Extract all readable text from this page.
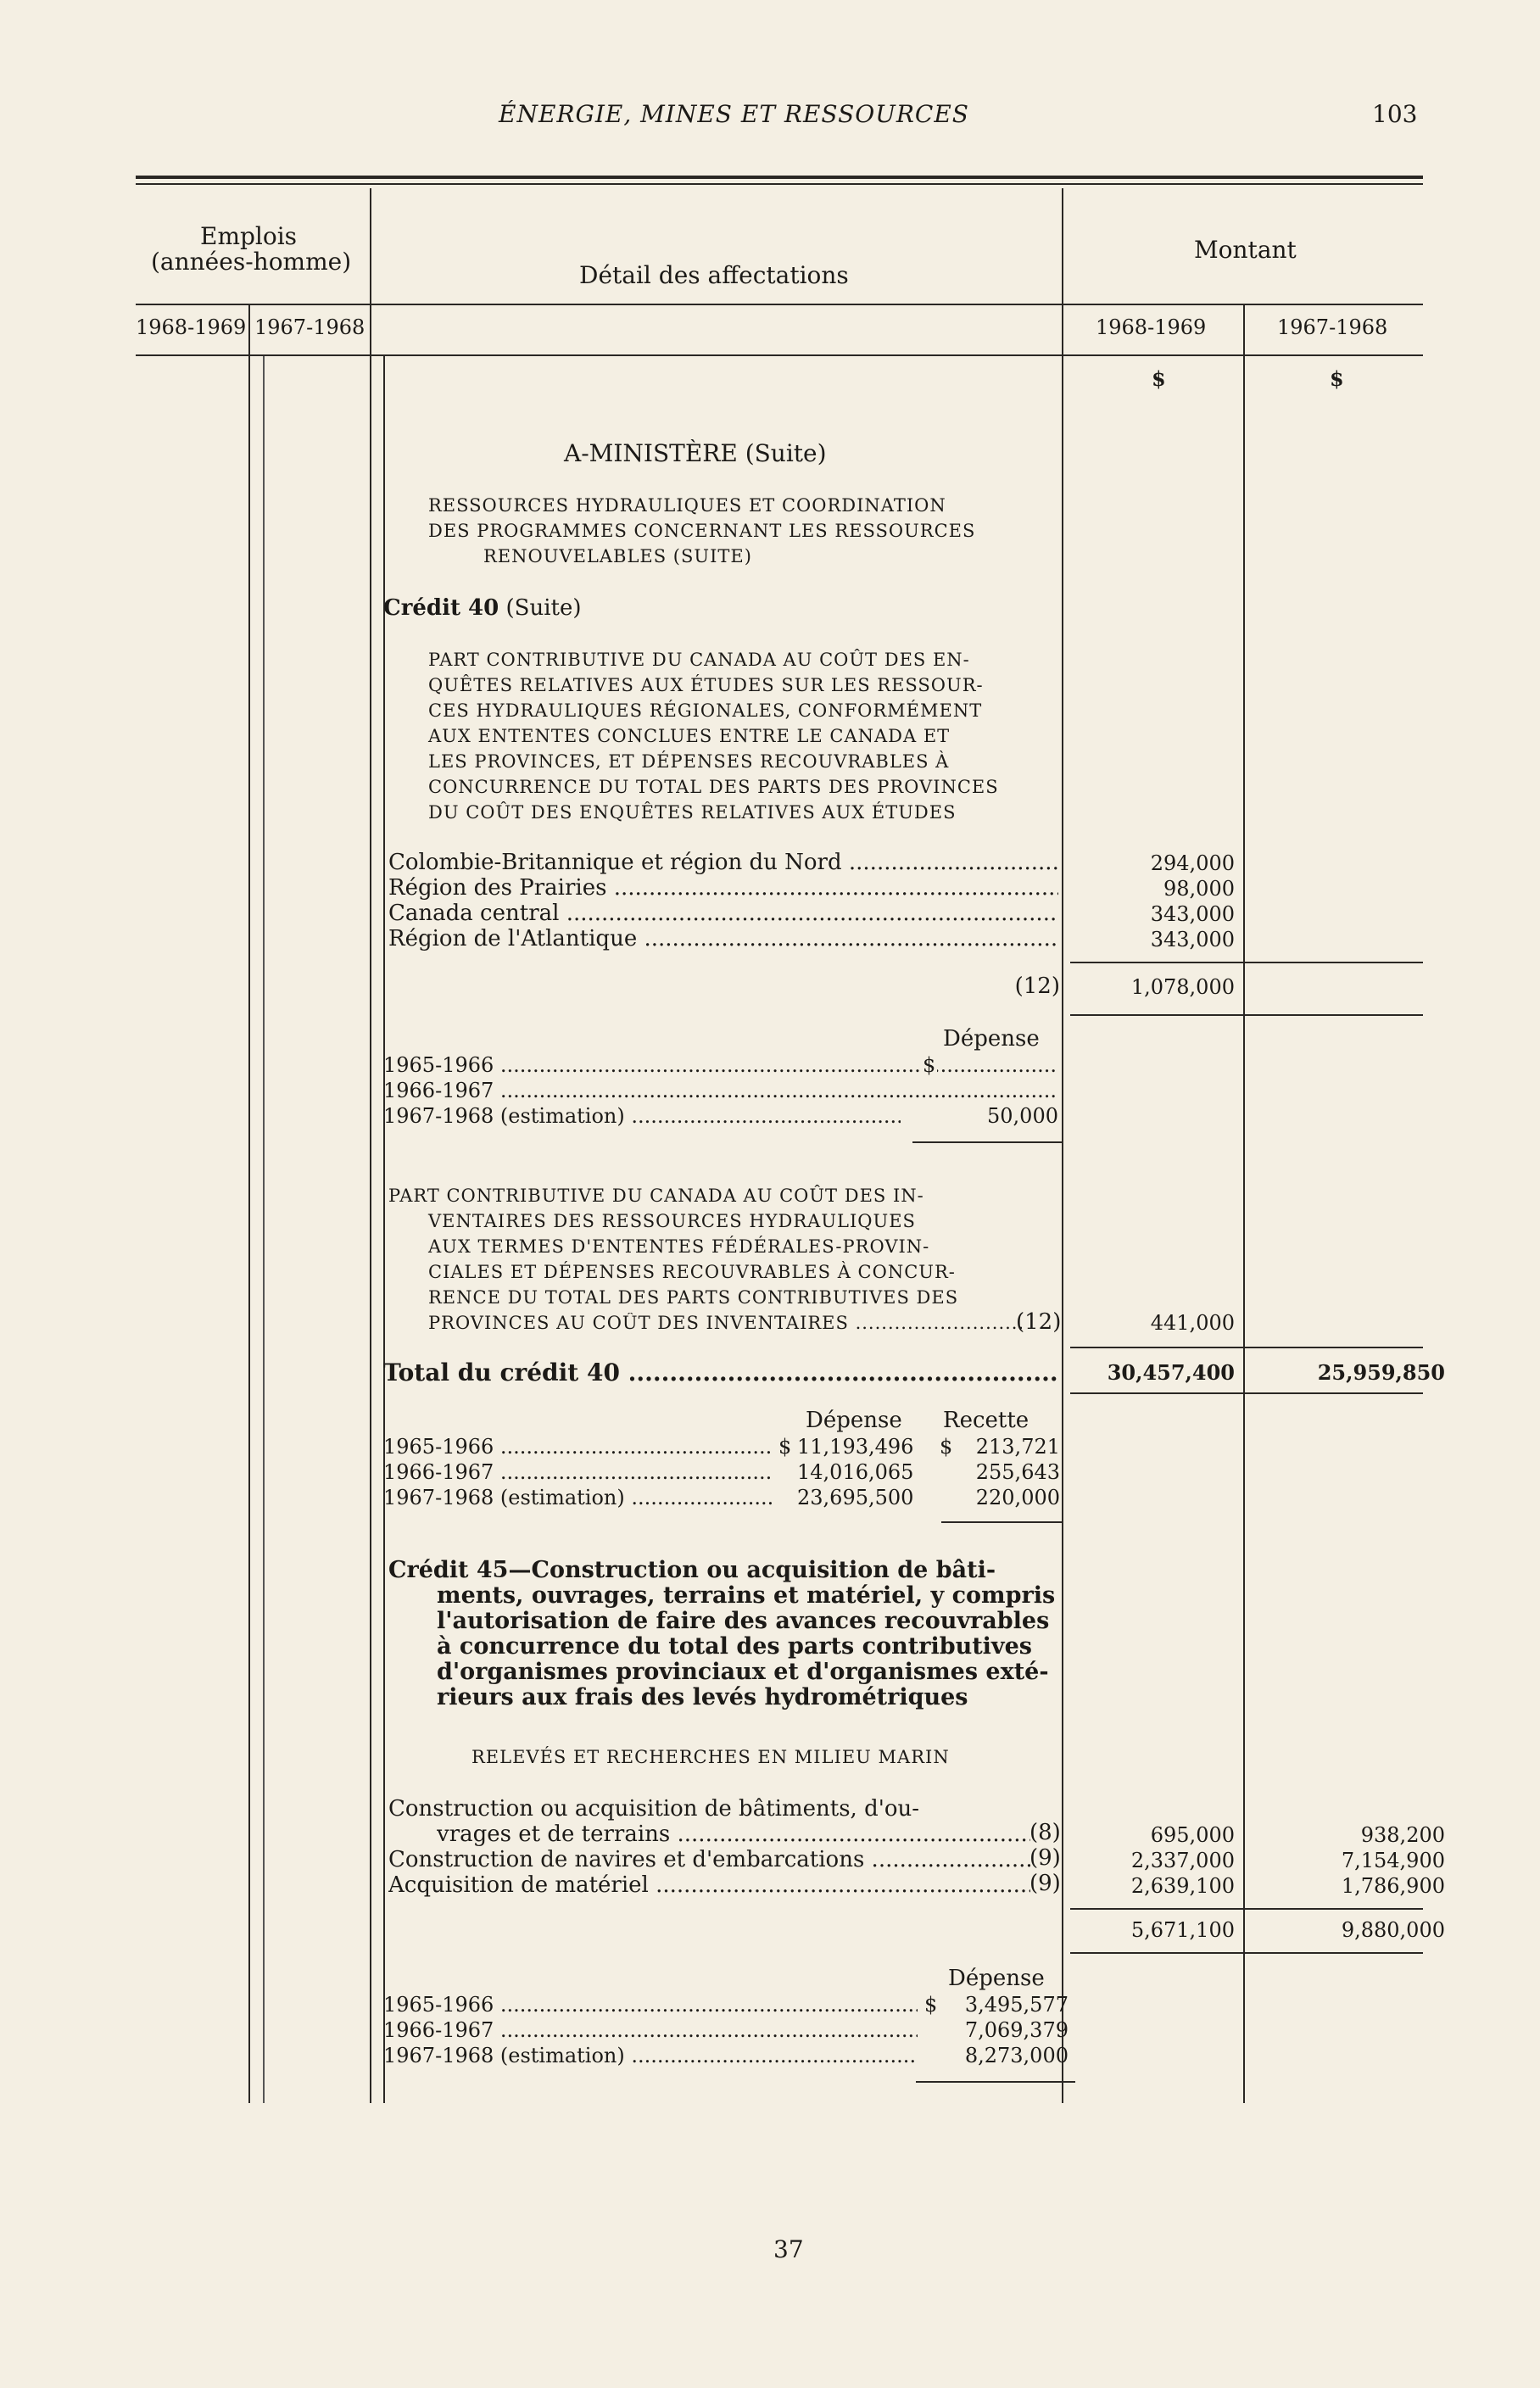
ÉNERGIE, MINES ET RESSOURCES	103
Emplois
(années-homme)	Détail des affectations
Montant
1968-1969 1967-1968	1968-1969	1967-1968
$	$
A-MINISTÈRE (Suite)
RESSOURCES HYDRAULIQUES ET COORDINATION
DES PROGRAMMES CONCERNANT LES RESSOURCES
RENOUVELABLES (SUITE)
Crédit 40 (Suite)
PART CONTRIBUTIVE DU CANADA AU COÛT DES EN-
QUÊTES RELATIVES AUX ÉTUDES SUR LES RESSOUR-
CES HYDRAULIQUES RÉGIONALES, CONFORMÉMENT
AUX ENTENTES CONCLUES ENTRE LE CANADA ET
LES PROVINCES, ET DÉPENSES RECOUVRABLES À
CONCURRENCE DU TOTAL DES PARTS DES PROVINCES
DU COÛT DES ENQUÊTES RELATIVES AUX ÉTUDES
Colombie-Britannique et région du Nord .....	294,000
Région des Prairies .....	98,000
Canada central .....	343,000
Région de l'Atlantique .....	343,000
(12)	1,078,000
Dépense
1965-1966 .....	$
1966-1967 .....
1967-1968 (estimation) .....	50,000
PART CONTRIBUTIVE DU CANADA AU COÛT DES IN-
VENTAIRES DES RESSOURCES HYDRAULIQUES
AUX TERMES D'ENTENTES FÉDÉRALES-PROVIN-
CIALES ET DÉPENSES RECOUVRABLES À CONCUR-
RENCE DU TOTAL DES PARTS CONTRIBUTIVES DES
PROVINCES AU COÛT DES INVENTAIRES .....	(12)	441,000
Total du crédit 40 .....	30,457,400	25,959,850
Dépense Recette
1965-1966 .....	$ 11,193,496 $	213,721
1966-1967 .....	14,016,065	255,643
1967-1968 (estimation) .....	23,695,500	220,000
Crédit 45—Construction ou acquisition de bâti-
ments, ouvrages, terrains et matériel, y compris
l'autorisation de faire des avances recouvrables
à concurrence du total des parts contributives
d'organismes provinciaux et d'organismes exté-
rieurs aux frais des levés hydrométriques
RELEVÉS ET RECHERCHES EN MILIEU MARIN
Construction ou acquisition de bâtiments, d'ou-
vrages et de terrains .....	(8)	695,000	938,200
Construction de navires et d'embarcations .....	(9)	2,337,000	7,154,900
Acquisition de matériel .....	(9)	2,639,100	1,786,900
5,671,100	9,880,000
Dépense
1965-1966 .....	$	3,495,577
1966-1967 .....	7,069,379
1967-1968 (estimation) .....	8,273,000
37
